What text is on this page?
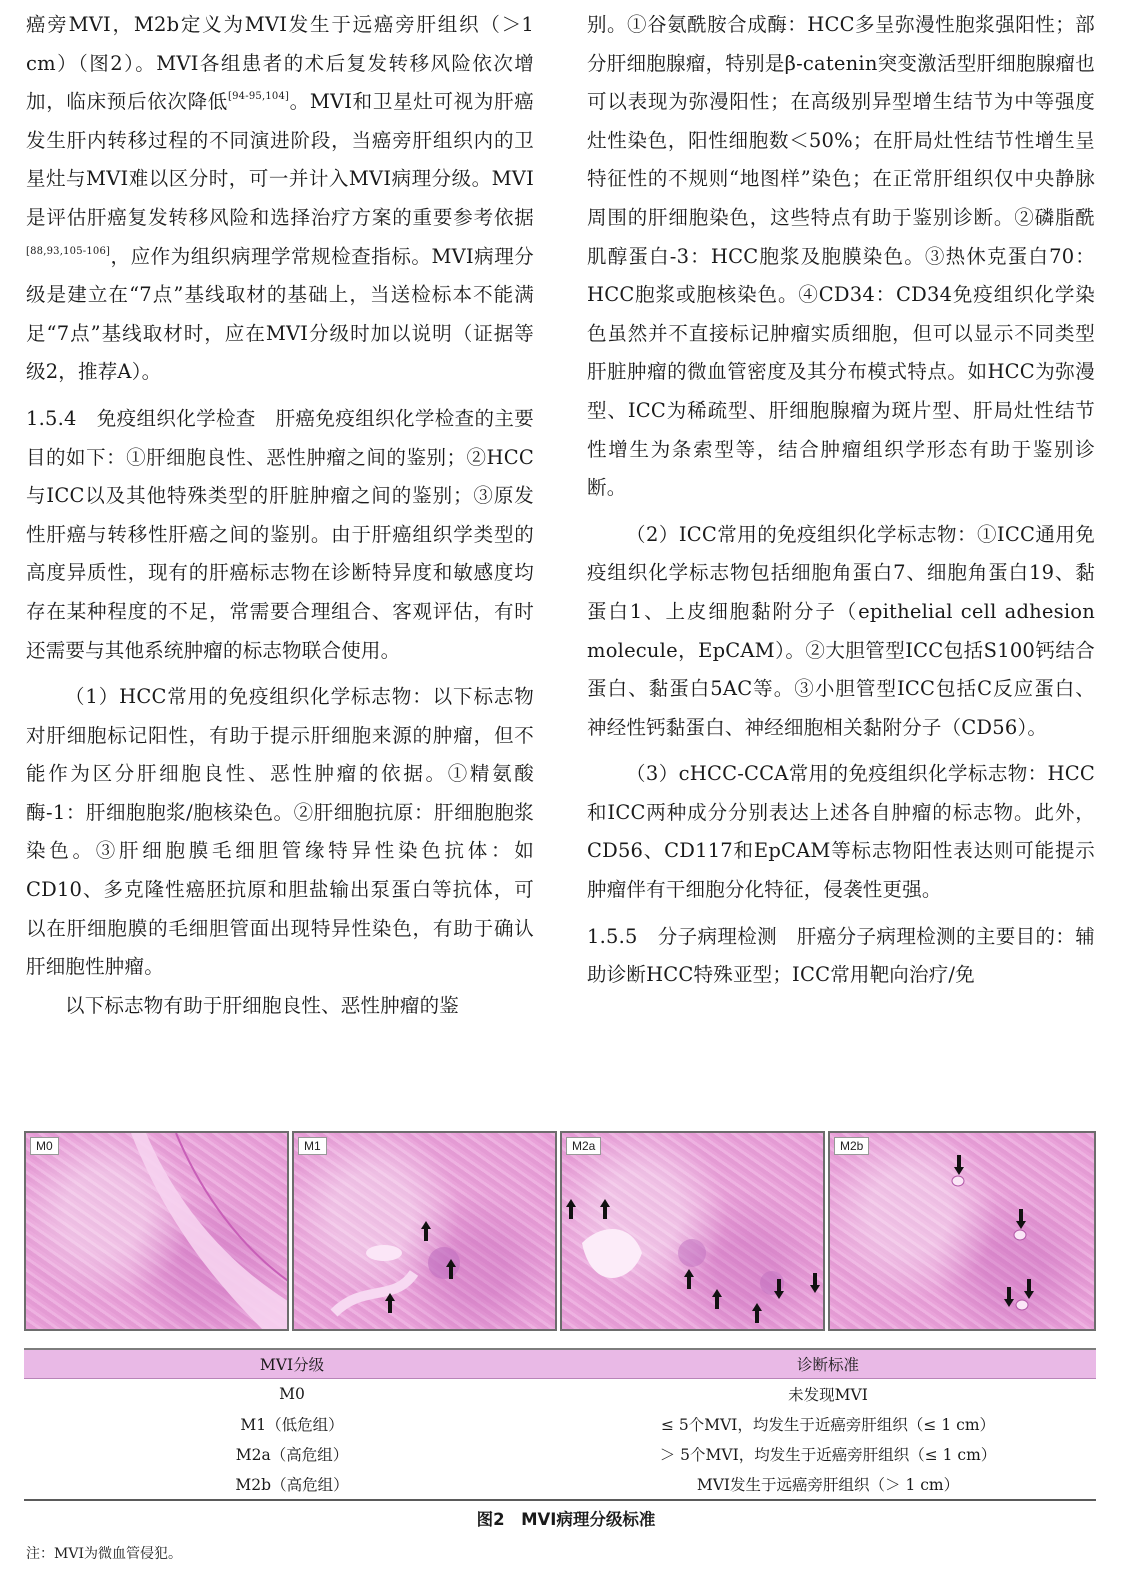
癌旁MVI，M2b定义为MVI发生于远癌旁肝组织（＞1 cm）（图2）。MVI各组患者的术后复发转移风险依次增加，临床预后依次降低[94-95,104]。MVI和卫星灶可视为肝癌发生肝内转移过程的不同演进阶段，当癌旁肝组织内的卫星灶与MVI难以区分时，可一并计入MVI病理分级。MVI是评估肝癌复发转移风险和选择治疗方案的重要参考依据[88,93,105-106]，应作为组织病理学常规检查指标。MVI病理分级是建立在“7点”基线取材的基础上，当送检标本不能满足“7点”基线取材时，应在MVI分级时加以说明（证据等级2，推荐A）。

1.5.4　免疫组织化学检查　肝癌免疫组织化学检查的主要目的如下：①肝细胞良性、恶性肿瘤之间的鉴别；②HCC与ICC以及其他特殊类型的肝脏肿瘤之间的鉴别；③原发性肝癌与转移性肝癌之间的鉴别。由于肝癌组织学类型的高度异质性，现有的肝癌标志物在诊断特异度和敏感度均存在某种程度的不足，常需要合理组合、客观评估，有时还需要与其他系统肿瘤的标志物联合使用。

（1）HCC常用的免疫组织化学标志物：以下标志物对肝细胞标记阳性，有助于提示肝细胞来源的肿瘤，但不能作为区分肝细胞良性、恶性肿瘤的依据。①精氨酸酶-1：肝细胞胞浆/胞核染色。②肝细胞抗原：肝细胞胞浆染色。③肝细胞膜毛细胆管缘特异性染色抗体：如CD10、多克隆性癌胚抗原和胆盐输出泵蛋白等抗体，可以在肝细胞膜的毛细胆管面出现特异性染色，有助于确认肝细胞性肿瘤。

以下标志物有助于肝细胞良性、恶性肿瘤的鉴

别。①谷氨酰胺合成酶：HCC多呈弥漫性胞浆强阳性；部分肝细胞腺瘤，特别是β-catenin突变激活型肝细胞腺瘤也可以表现为弥漫阳性；在高级别异型增生结节为中等强度灶性染色，阳性细胞数＜50%；在肝局灶性结节性增生呈特征性的不规则“地图样”染色；在正常肝组织仅中央静脉周围的肝细胞染色，这些特点有助于鉴别诊断。②磷脂酰肌醇蛋白-3：HCC胞浆及胞膜染色。③热休克蛋白70：HCC胞浆或胞核染色。④CD34：CD34免疫组织化学染色虽然并不直接标记肿瘤实质细胞，但可以显示不同类型肝脏肿瘤的微血管密度及其分布模式特点。如HCC为弥漫型、ICC为稀疏型、肝细胞腺瘤为斑片型、肝局灶性结节性增生为条索型等，结合肿瘤组织学形态有助于鉴别诊断。

（2）ICC常用的免疫组织化学标志物：①ICC通用免疫组织化学标志物包括细胞角蛋白7、细胞角蛋白19、黏蛋白1、上皮细胞黏附分子（epithelial cell adhesion molecule，EpCAM）。②大胆管型ICC包括S100钙结合蛋白、黏蛋白5AC等。③小胆管型ICC包括C反应蛋白、神经性钙黏蛋白、神经细胞相关黏附分子（CD56）。

（3）cHCC-CCA常用的免疫组织化学标志物：HCC和ICC两种成分分别表达上述各自肿瘤的标志物。此外，CD56、CD117和EpCAM等标志物阳性表达则可能提示肿瘤伴有干细胞分化特征，侵袭性更强。

1.5.5　分子病理检测　肝癌分子病理检测的主要目的：辅助诊断HCC特殊亚型；ICC常用靶向治疗/免

M0	M1	M2a	M2b
MVI分级	诊断标准
M0	未发现MVI
M1（低危组）	≤ 5个MVI，均发生于近癌旁肝组织（≤ 1 cm）
M2a（高危组）	＞ 5个MVI，均发生于近癌旁肝组织（≤ 1 cm）
M2b（高危组）	MVI发生于远癌旁肝组织（＞ 1 cm）
图2　MVI病理分级标准
注：MVI为微血管侵犯。
